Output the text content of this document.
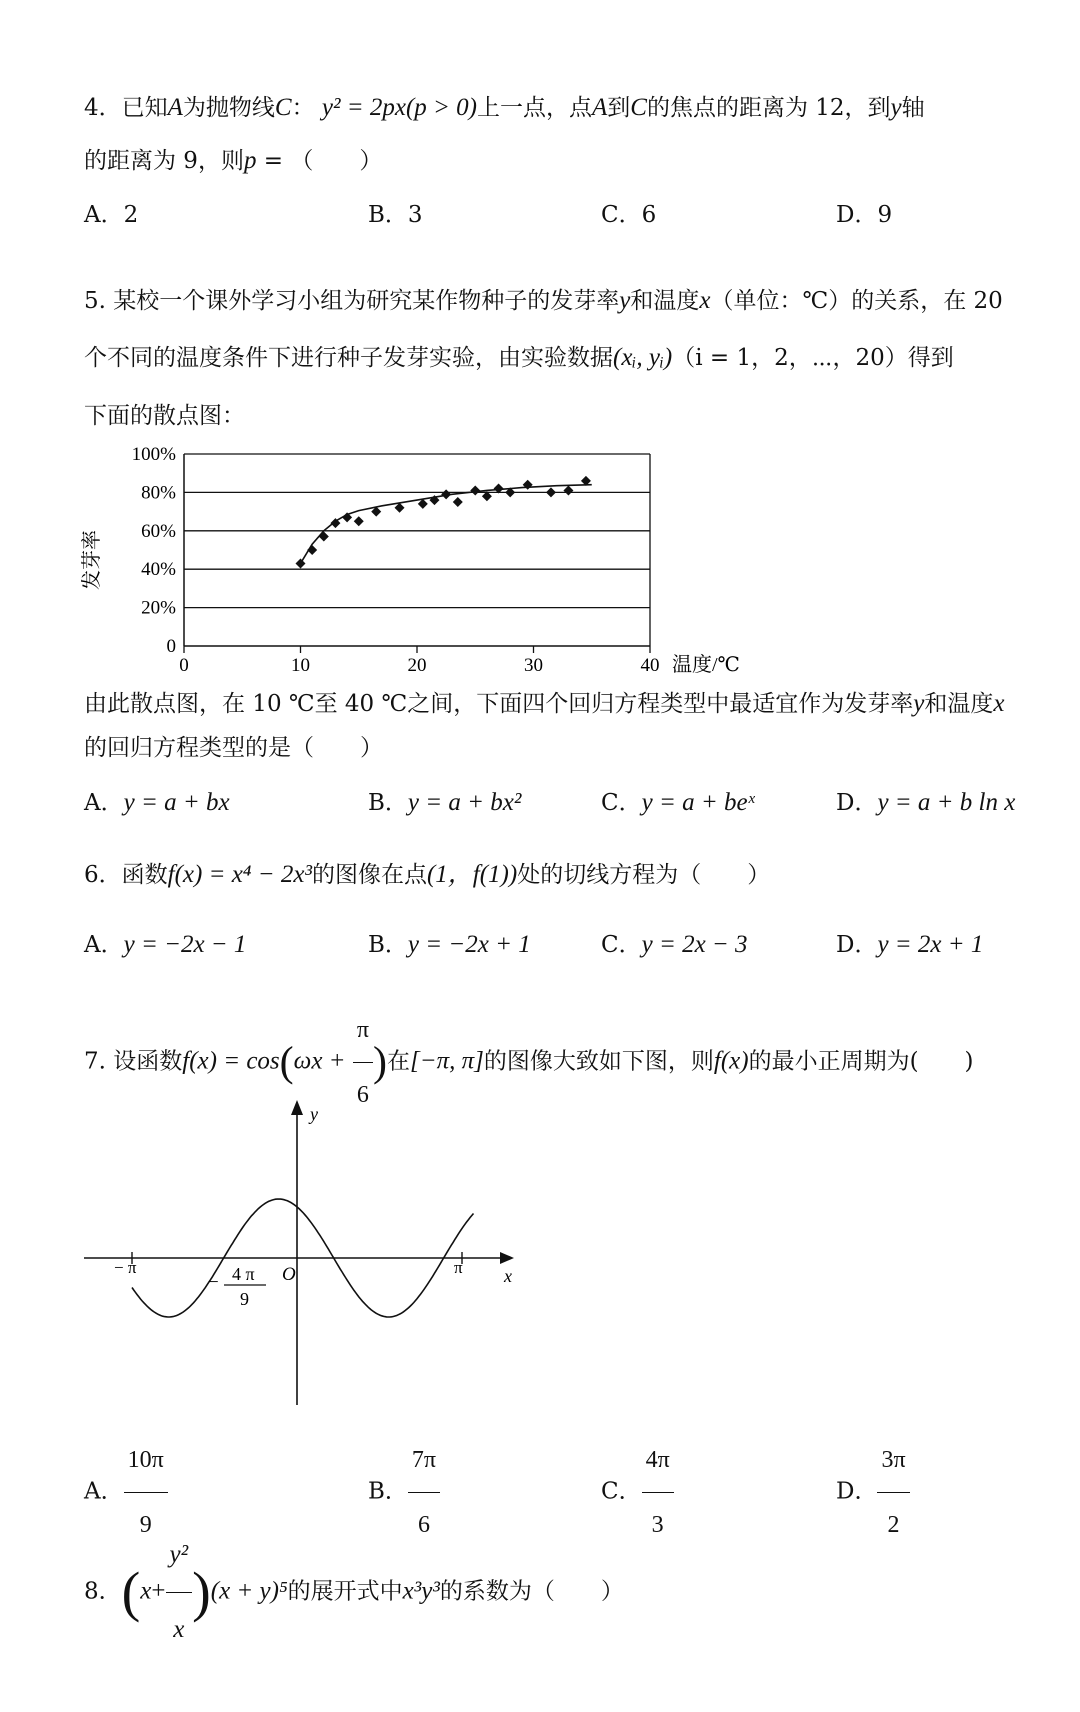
4．已知A为抛物线C： y² = 2px(p > 0)上一点，点A到C的焦点的距离为 12，到y轴
的距离为 9，则p = （　　）
A．2	B．3	C．6	D．9
5. 某校一个课外学习小组为研究某作物种子的发芽率y和温度x（单位：℃）的关系，在 20
个不同的温度条件下进行种子发芽实验，由实验数据(xᵢ, yᵢ)（i = 1，2，⋯，20）得到
下面的散点图：
0
20%
40%
60%
80%
100%
0	10	20	30	40
发芽率
温度/℃
由此散点图，在 10 ℃至 40 ℃之间，下面四个回归方程类型中最适宜作为发芽率y和温度x
的回归方程类型的是（　　）
A．y = a + bx	B．y = a + bx²	C．y = a + beˣ	D．y = a + b ln x
6．函数f(x) = x⁴ − 2x³的图像在点(1，f(1))处的切线方程为（　　）
A．y = −2x − 1	B．y = −2x + 1	C．y = 2x − 3	D．y = 2x + 1
7. 设函数$f(x) = \cos(\omega x + \frac{\pi}{6}$ )在[−π, π]的图像大致如下图，则f(x)的最小正周期为(　　)
y
x
O
− π	π
− 4 π
9
A． $\frac{10\pi}{9}$	B． $\frac{7\pi}{6}$	C． $\frac{4\pi}{3}$	D． $\frac{3\pi}{2}$
8．$(x+ \frac{\text{y²}}{x} )(x + y)^5$的展开式中x³y³的系数为（　　）
